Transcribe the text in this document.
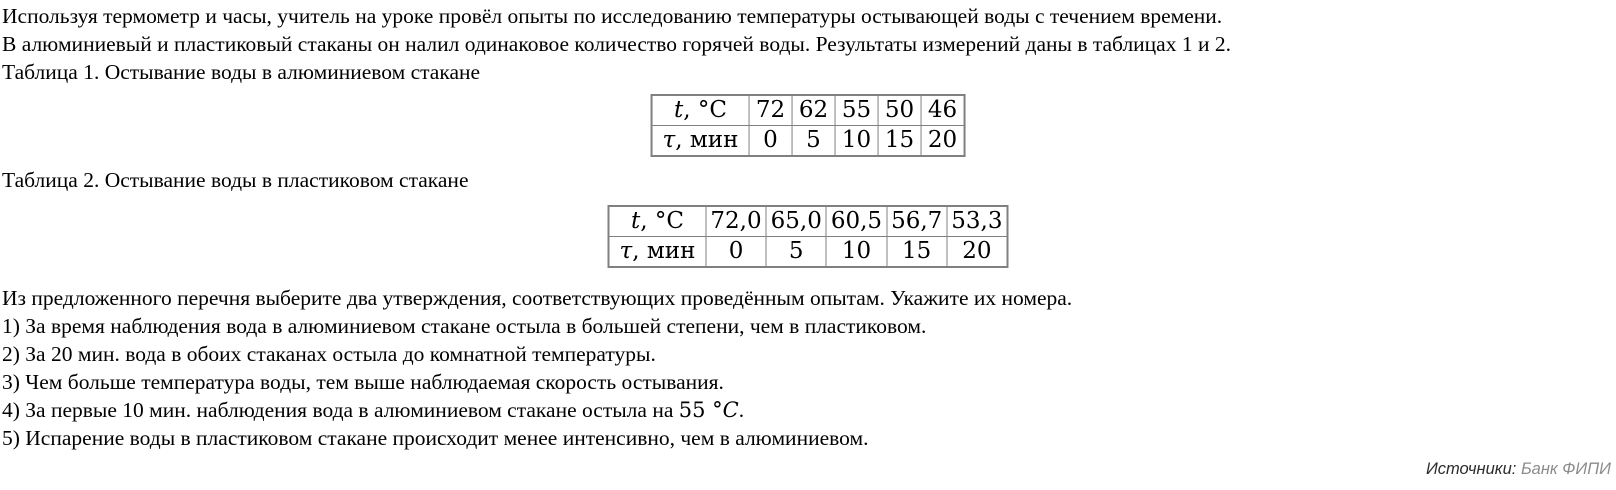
Используя термометр и часы, учитель на уроке провёл опыты по исследованию температуры остывающей воды с течением времени.
В алюминиевый и пластиковый стаканы он налил одинаковое количество горячей воды. Результаты измерений даны в таблицах 1 и 2.
Таблица 1. Остывание воды в алюминиевом стакане
t, °C	72	62	55	50	46
τ, мин	0	5	10	15	20
Таблица 2. Остывание воды в пластиковом стакане
t, °C	72,0	65,0	60,5	56,7	53,3
τ, мин	0	5	10	15	20
Из предложенного перечня выберите два утверждения, соответствующих проведённым опытам. Укажите их номера.
1) За время наблюдения вода в алюминиевом стакане остыла в большей степени, чем в пластиковом.
2) За 20 мин. вода в обоих стаканах остыла до комнатной температуры.
3) Чем больше температура воды, тем выше наблюдаемая скорость остывания.
4) За первые 10 мин. наблюдения вода в алюминиевом стакане остыла на 55 °C.
5) Испарение воды в пластиковом стакане происходит менее интенсивно, чем в алюминиевом.
Источники: Банк ФИПИ
